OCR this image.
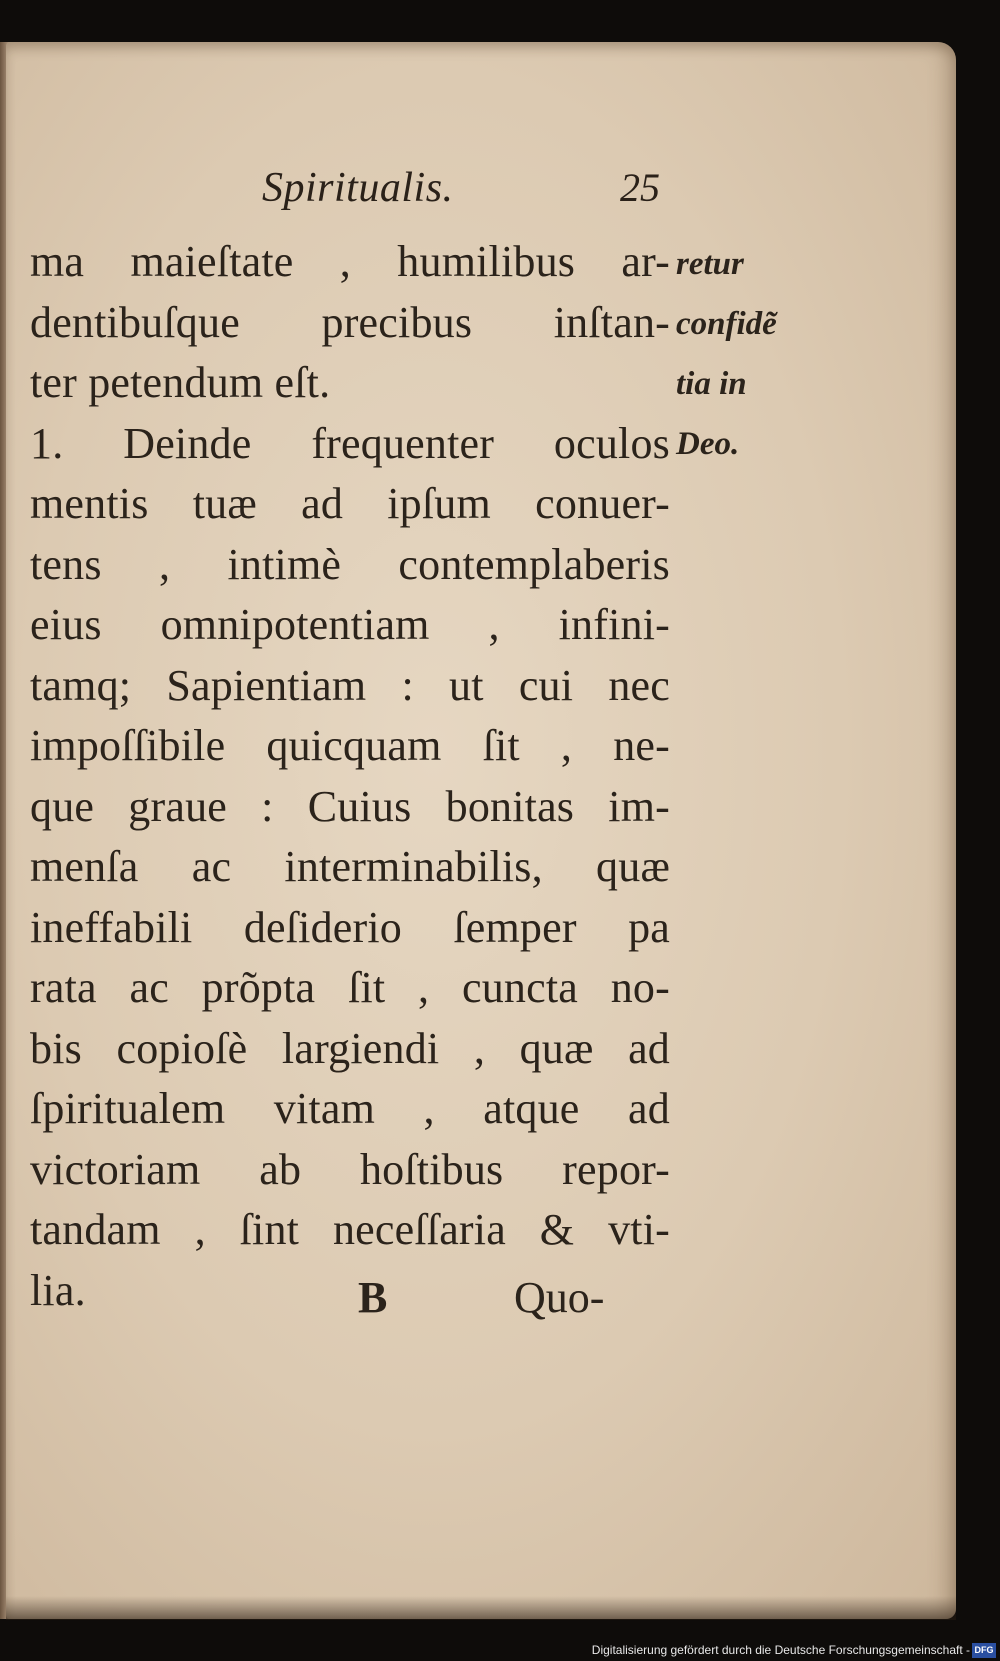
Spiritualis.	25
ma maieſtate , humilibus ar-
dentibuſque precibus inſtan-
ter petendum eſt.
1. Deinde frequenter oculos
mentis tuæ ad ipſum conuer-
tens , intimè contemplaberis
eius omnipotentiam , infini-
tamq; Sapientiam : ut cui nec
impoſſibile quicquam ſit , ne-
que graue : Cuius bonitas im-
menſa ac interminabilis, quæ
ineffabili deſiderio ſemper pa
rata ac prõpta ſit , cuncta no-
bis copioſè largiendi , quæ ad
ſpiritualem vitam , atque ad
victoriam ab hoſtibus repor-
tandam , ſint neceſſaria & vti-
lia.
retur
confidẽ
tia in
Deo.
B	Quo-
Digitalisierung gefördert durch die Deutsche Forschungsgemeinschaft - DFG
